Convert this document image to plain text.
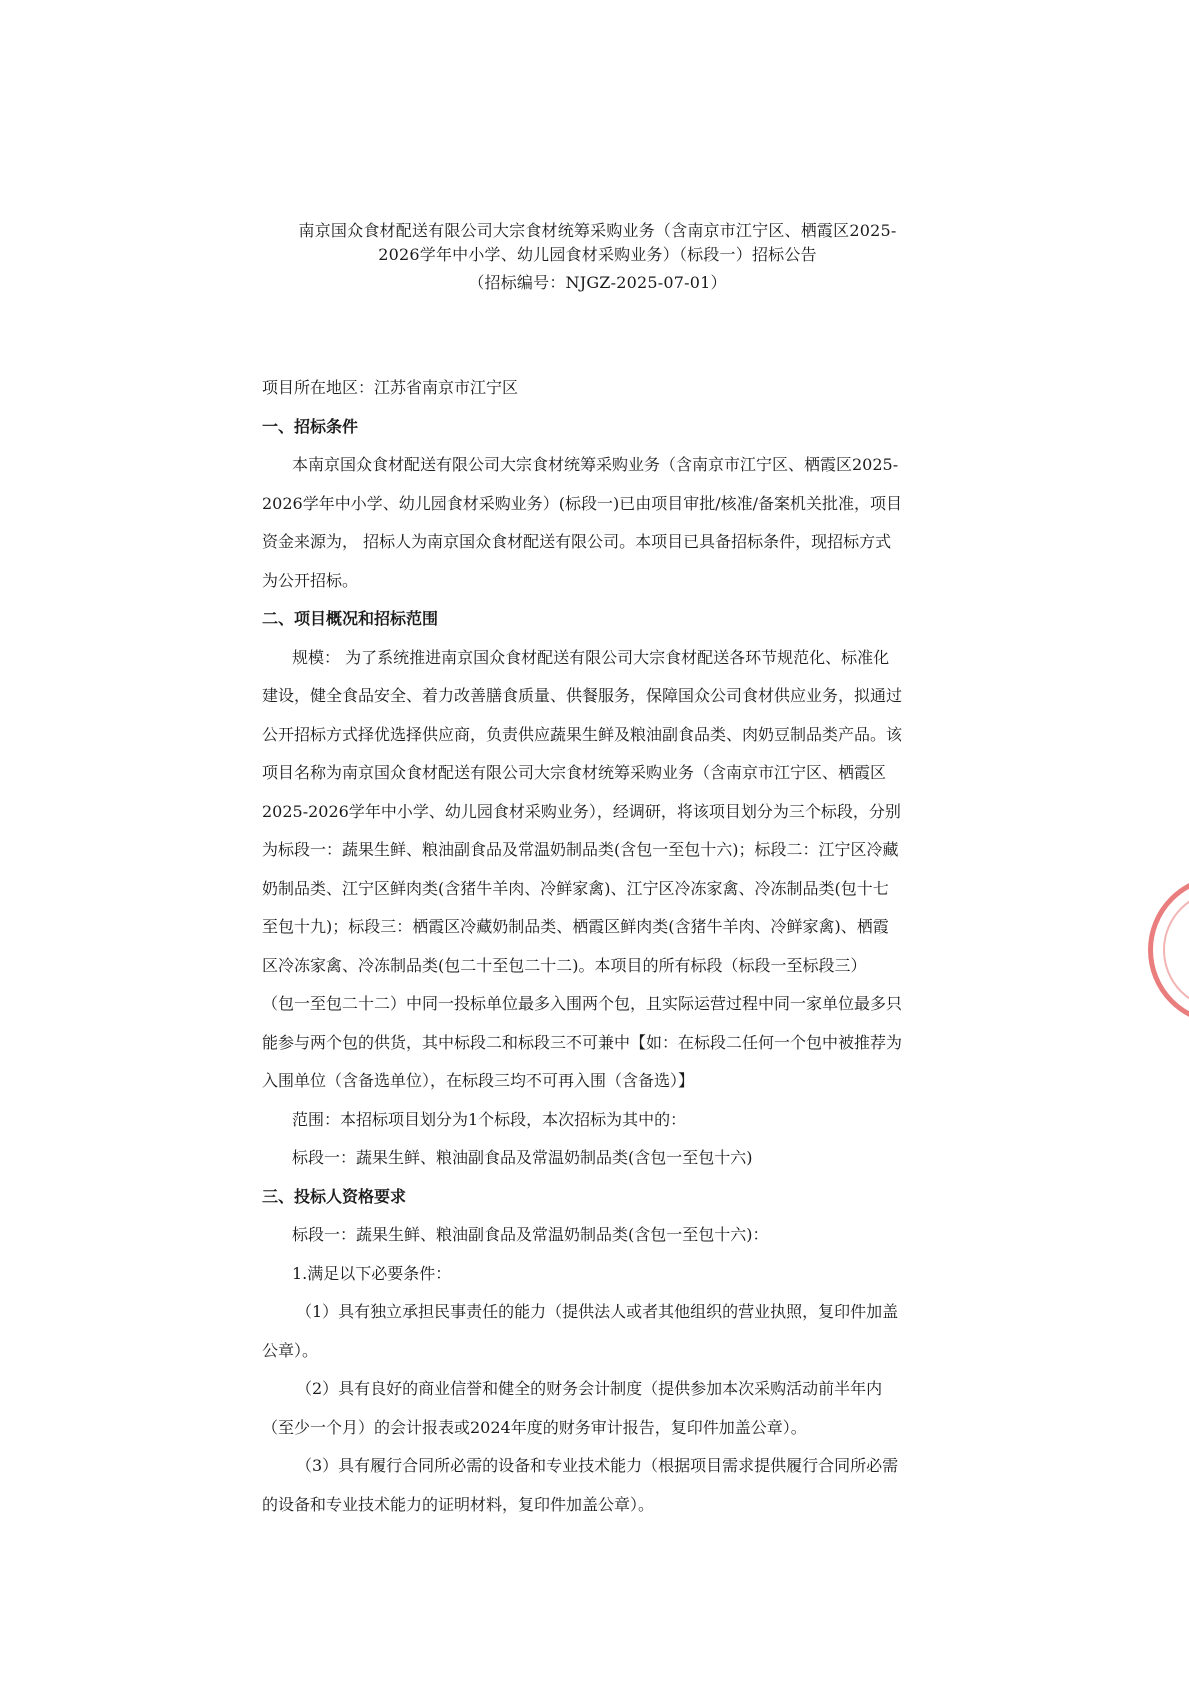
南京国众食材配送有限公司大宗食材统筹采购业务（含南京市江宁区、栖霞区2025-
2026学年中小学、幼儿园食材采购业务）（标段一）招标公告
（招标编号：NJGZ-2025-07-01）
项目所在地区：江苏省南京市江宁区
一、招标条件
本南京国众食材配送有限公司大宗食材统筹采购业务（含南京市江宁区、栖霞区2025-
2026学年中小学、幼儿园食材采购业务）(标段一)已由项目审批/核准/备案机关批准，项目
资金来源为， 招标人为南京国众食材配送有限公司。本项目已具备招标条件，现招标方式
为公开招标。
二、项目概况和招标范围
规模： 为了系统推进南京国众食材配送有限公司大宗食材配送各环节规范化、标准化
建设，健全食品安全、着力改善膳食质量、供餐服务，保障国众公司食材供应业务，拟通过
公开招标方式择优选择供应商，负责供应蔬果生鲜及粮油副食品类、肉奶豆制品类产品。该
项目名称为南京国众食材配送有限公司大宗食材统筹采购业务（含南京市江宁区、栖霞区
2025-2026学年中小学、幼儿园食材采购业务），经调研，将该项目划分为三个标段，分别
为标段一：蔬果生鲜、粮油副食品及常温奶制品类(含包一至包十六)；标段二：江宁区冷藏
奶制品类、江宁区鲜肉类(含猪牛羊肉、冷鲜家禽)、江宁区冷冻家禽、冷冻制品类(包十七
至包十九)；标段三：栖霞区冷藏奶制品类、栖霞区鲜肉类(含猪牛羊肉、冷鲜家禽)、栖霞
区冷冻家禽、冷冻制品类(包二十至包二十二)。本项目的所有标段（标段一至标段三）
（包一至包二十二）中同一投标单位最多入围两个包，且实际运营过程中同一家单位最多只
能参与两个包的供货，其中标段二和标段三不可兼中【如：在标段二任何一个包中被推荐为
入围单位（含备选单位），在标段三均不可再入围（含备选）】
范围：本招标项目划分为1个标段，本次招标为其中的：
标段一：蔬果生鲜、粮油副食品及常温奶制品类(含包一至包十六)
三、投标人资格要求
标段一：蔬果生鲜、粮油副食品及常温奶制品类(含包一至包十六)：
1.满足以下必要条件：
（1）具有独立承担民事责任的能力（提供法人或者其他组织的营业执照，复印件加盖
公章）。
（2）具有良好的商业信誉和健全的财务会计制度（提供参加本次采购活动前半年内
（至少一个月）的会计报表或2024年度的财务审计报告，复印件加盖公章）。
（3）具有履行合同所必需的设备和专业技术能力（根据项目需求提供履行合同所必需
的设备和专业技术能力的证明材料，复印件加盖公章）。
